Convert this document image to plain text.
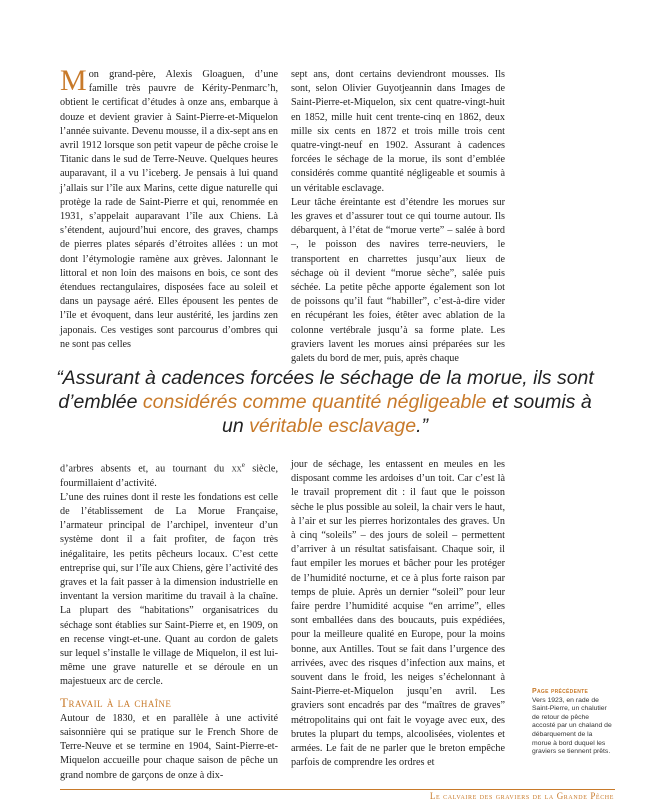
Mon grand-père, Alexis Gloaguen, d’une famille très pauvre de Kérity-Penmarc’h, obtient le certificat d’études à onze ans, embarque à douze et devient gravier à Saint-Pierre-et-Miquelon l’année suivante. Devenu mousse, il a dix-sept ans en avril 1912 lorsque son petit vapeur de pêche croise le Titanic dans le sud de Terre-Neuve. Quelques heures auparavant, il a vu l’iceberg. Je pensais à lui quand j’allais sur l’île aux Marins, cette digue naturelle qui protège la rade de Saint-Pierre et qui, renommée en 1931, s’appelait auparavant l’île aux Chiens. Là s’étendent, aujourd’hui encore, des graves, champs de pierres plates séparés d’étroites allées : un mot dont l’étymologie ramène aux grèves. Jalonnant le littoral et non loin des maisons en bois, ce sont des étendues rectangulaires, disposées face au soleil et dans un paysage aéré. Elles épousent les pentes de l’île et évoquent, dans leur austérité, les jardins zen japonais. Ces vestiges sont parcourus d’ombres qui ne sont pas celles

sept ans, dont certains deviendront mousses. Ils sont, selon Olivier Guyotjeannin dans Images de Saint-Pierre-et-Miquelon, six cent quatre-vingt-huit en 1852, mille huit cent trente-cinq en 1862, deux mille six cents en 1872 et trois mille trois cent quatre-vingt-neuf en 1902. Assurant à cadences forcées le séchage de la morue, ils sont d’emblée considérés comme quantité négligeable et soumis à un véritable esclavage.

Leur tâche éreintante est d’étendre les morues sur les graves et d’assurer tout ce qui tourne autour. Ils débarquent, à l’état de “morue verte” – salée à bord –, le poisson des navires terre-neuviers, le transportent en charrettes jusqu’aux lieux de séchage où il devient “morue sèche”, salée puis séchée. La petite pêche apporte également son lot de poissons qu’il faut “habiller”, c’est-à-dire vider en récupérant les foies, étêter avec ablation de la colonne vertébrale jusqu’à sa forme plate. Les graviers lavent les morues ainsi préparées sur les galets du bord de mer, puis, après chaque

“Assurant à cadences forcées le séchage de la morue, ils sont d’emblée considérés comme quantité négligeable et soumis à un véritable esclavage.”

d’arbres absents et, au tournant du $xx^e$ siècle, fourmillaient d’activité.

L’une des ruines dont il reste les fondations est celle de l’établissement de La Morue Française, l’armateur principal de l’archipel, inventeur d’un système dont il a fait profiter, de façon très inégalitaire, les petits pêcheurs locaux. C’est cette entreprise qui, sur l’île aux Chiens, gère l’activité des graves et la fait passer à la dimension industrielle en inventant la version maritime du travail à la chaîne. La plupart des “habitations” organisatrices du séchage sont établies sur Saint-Pierre et, en 1909, on en recense vingt-et-une. Quant au cordon de galets sur lequel s’installe le village de Miquelon, il est lui-même une grave naturelle et se déroule en un majestueux arc de cercle.

Travail à la chaîne

Autour de 1830, et en parallèle à une activité saisonnière qui se pratique sur le French Shore de Terre-Neuve et se termine en 1904, Saint-Pierre-et-Miquelon accueille pour chaque saison de pêche un grand nombre de garçons de onze à dix-

jour de séchage, les entassent en meules en les disposant comme les ardoises d’un toit. Car c’est là le travail proprement dit : il faut que le poisson sèche le plus possible au soleil, la chair vers le haut, à l’air et sur les pierres horizontales des graves. Un à cinq “soleils” – des jours de soleil – permettent d’arriver à un résultat satisfaisant. Chaque soir, il faut empiler les morues et bâcher pour les protéger de l’humidité nocturne, et ce à plus forte raison par temps de pluie. Après un dernier “soleil” pour leur faire perdre l’humidité acquise “en arrime”, elles sont emballées dans des boucauts, puis expédiées, pour la meilleure qualité en Europe, pour la moins bonne, aux Antilles. Tout se fait dans l’urgence des arrivées, avec des risques d’infection aux mains, et souvent dans le froid, les neiges s’échelonnant à Saint-Pierre-et-Miquelon jusqu’en avril. Les graviers sont encadrés par des “maîtres de graves” métropolitains qui ont fait le voyage avec eux, des brutes la plupart du temps, alcoolisées, violentes et armées. Le fait de ne parler que le breton empêche parfois de comprendre les ordres et

Page précédente
Vers 1923, en rade de Saint-Pierre, un chalutier de retour de pêche accosté par un chaland de débarquement de la morue à bord duquel les graviers se tiennent prêts.
Le calvaire des graviers de la Grande Pêche
